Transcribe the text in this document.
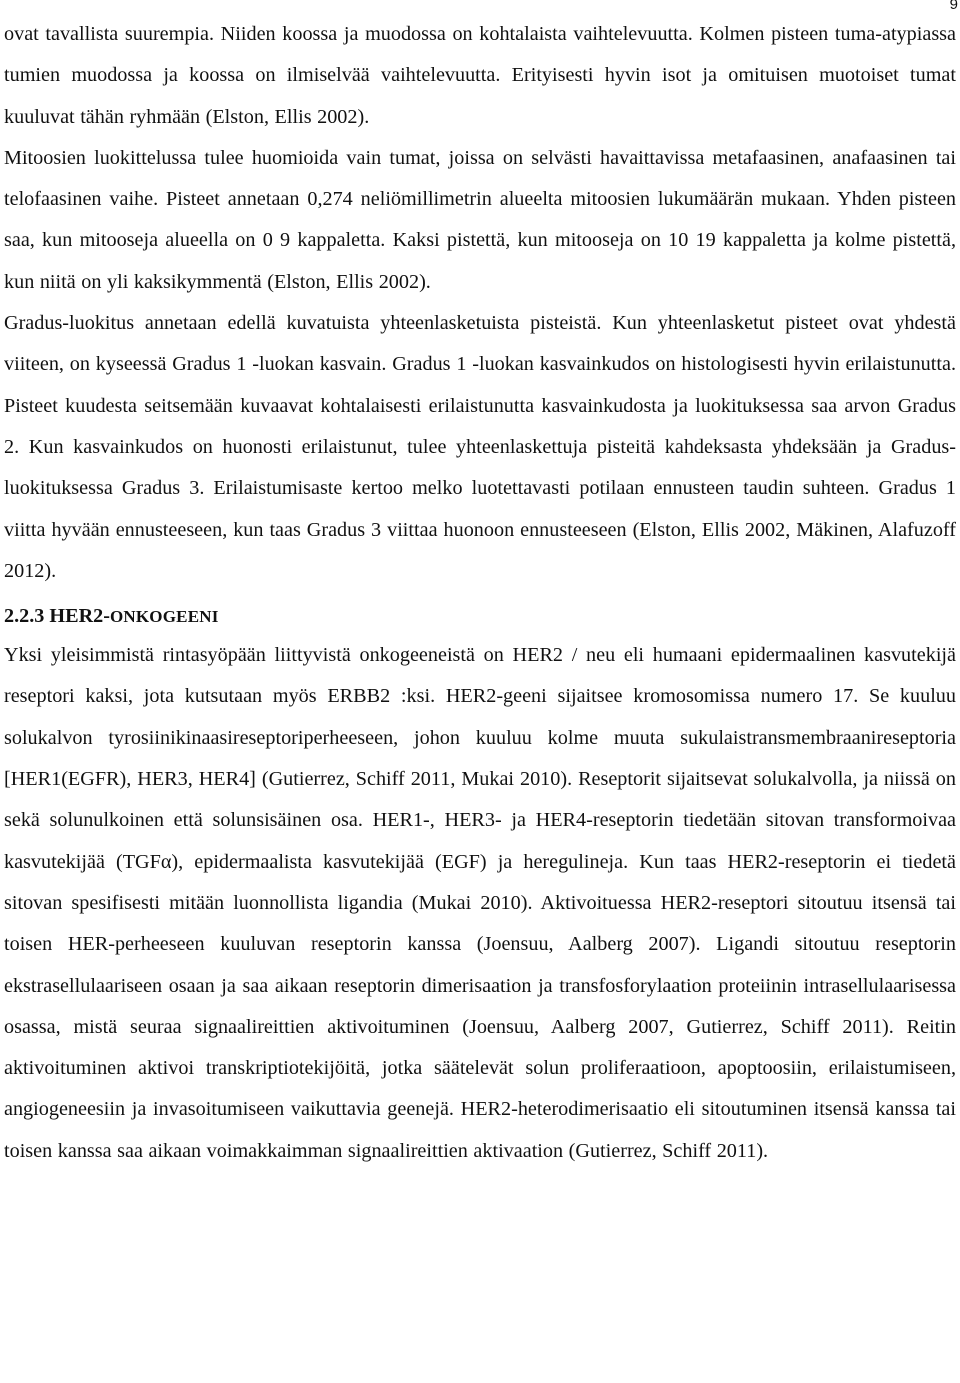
9

ovat tavallista suurempia. Niiden koossa ja muodossa on kohtalaista vaihtelevuutta. Kolmen pisteen tuma-atypiassa tumien muodossa ja koossa on ilmiselvää vaihtelevuutta. Erityisesti hyvin isot ja omituisen muotoiset tumat kuuluvat tähän ryhmään (Elston, Ellis 2002).

Mitoosien luokittelussa tulee huomioida vain tumat, joissa on selvästi havaittavissa metafaasinen, anafaasinen tai telofaasinen vaihe. Pisteet annetaan 0,274 neliömillimetrin alueelta mitoosien lukumäärän mukaan. Yhden pisteen saa, kun mitooseja alueella on 0 9 kappaletta. Kaksi pistettä, kun mitooseja on 10 19 kappaletta ja kolme pistettä, kun niitä on yli kaksikymmentä (Elston, Ellis 2002).

Gradus-luokitus annetaan edellä kuvatuista yhteenlasketuista pisteistä. Kun yhteenlasketut pisteet ovat yhdestä viiteen, on kyseessä Gradus 1 -luokan kasvain. Gradus 1 -luokan kasvainkudos on histologisesti hyvin erilaistunutta. Pisteet kuudesta seitsemään kuvaavat kohtalaisesti erilaistunutta kasvainkudosta ja luokituksessa saa arvon Gradus 2. Kun kasvainkudos on huonosti erilaistunut, tulee yhteenlaskettuja pisteitä kahdeksasta yhdeksään ja Gradus-luokituksessa Gradus 3. Erilaistumisaste kertoo melko luotettavasti potilaan ennusteen taudin suhteen. Gradus 1 viitta hyvään ennusteeseen, kun taas Gradus 3 viittaa huonoon ennusteeseen (Elston, Ellis 2002, Mäkinen, Alafuzoff 2012).

2.2.3 HER2-ONKOGEENI

Yksi yleisimmistä rintasyöpään liittyvistä onkogeeneistä on HER2 / neu eli humaani epidermaalinen kasvutekijä reseptori kaksi, jota kutsutaan myös ERBB2 :ksi. HER2-geeni sijaitsee kromosomissa numero 17. Se kuuluu solukalvon tyrosiinikinaasireseptoriperheeseen, johon kuuluu kolme muuta sukulaistransmembraanireseptoria [HER1(EGFR), HER3, HER4] (Gutierrez, Schiff 2011, Mukai 2010). Reseptorit sijaitsevat solukalvolla, ja niissä on sekä solunulkoinen että solunsisäinen osa. HER1-, HER3- ja HER4-reseptorin tiedetään sitovan transformoivaa kasvutekijää (TGFα), epidermaalista kasvutekijää (EGF) ja heregulineja. Kun taas HER2-reseptorin ei tiedetä sitovan spesifisesti mitään luonnollista ligandia (Mukai 2010). Aktivoituessa HER2-reseptori sitoutuu itsensä tai toisen HER-perheeseen kuuluvan reseptorin kanssa (Joensuu, Aalberg 2007). Ligandi sitoutuu reseptorin ekstrasellulaariseen osaan ja saa aikaan reseptorin dimerisaation ja transfosforylaation proteiinin intrasellulaarisessa osassa, mistä seuraa signaalireittien aktivoituminen (Joensuu, Aalberg 2007, Gutierrez, Schiff 2011). Reitin aktivoituminen aktivoi transkriptiotekijöitä, jotka säätelevät solun proliferaatioon, apoptoosiin, erilaistumiseen, angiogeneesiin ja invasoitumiseen vaikuttavia geenejä. HER2-heterodimerisaatio eli sitoutuminen itsensä kanssa tai toisen kanssa saa aikaan voimakkaimman signaalireittien aktivaation (Gutierrez, Schiff 2011).
